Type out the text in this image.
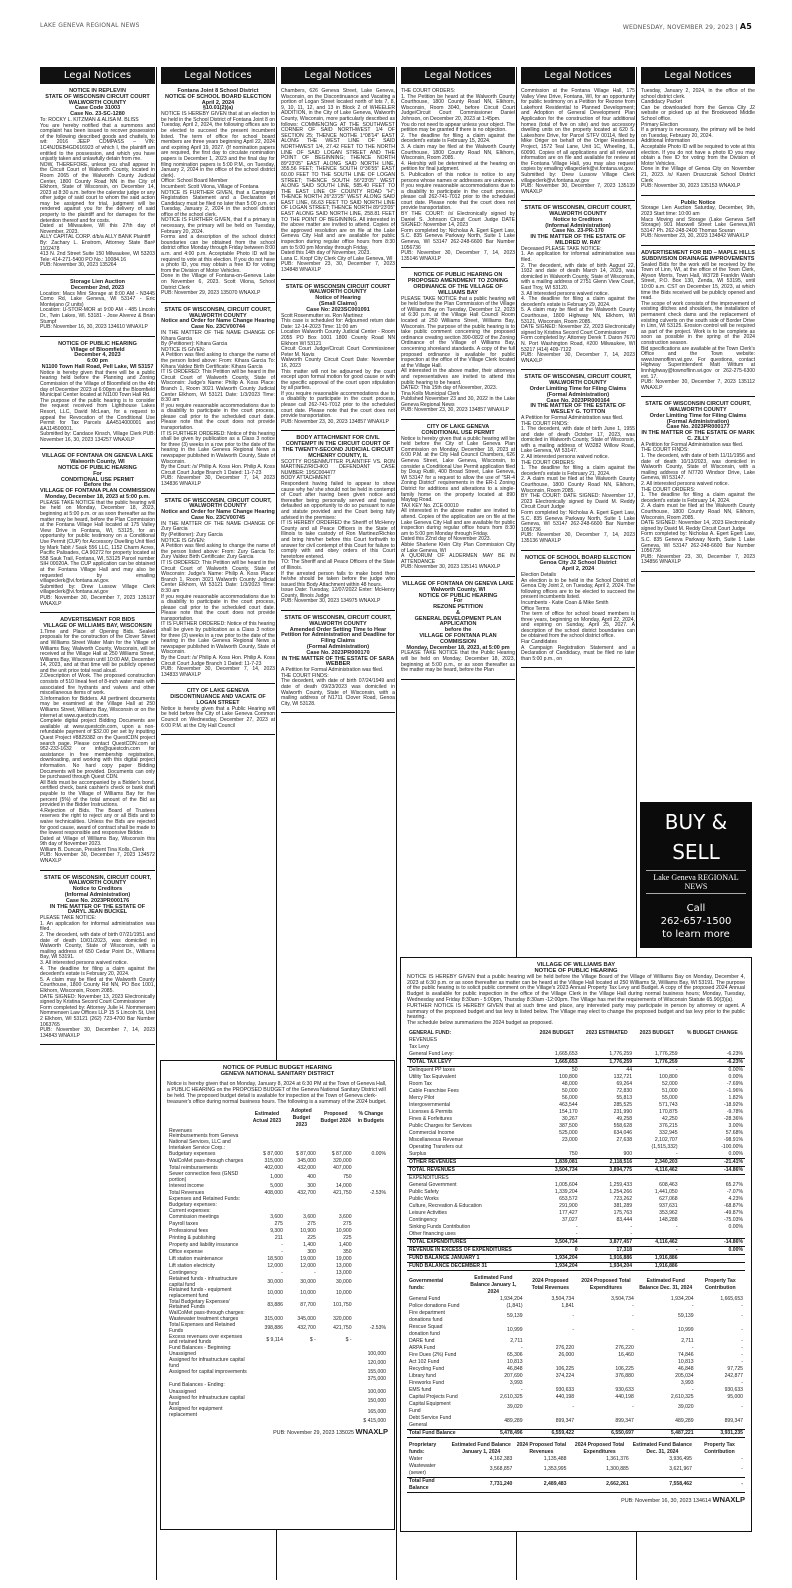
LAKE GENEVA REGIONAL NEWS	WEDNESDAY, NOVEMBER 29, 2023 | A5
Legal Notices
NOTICE IN REPLEVIN
STATE OF WISCONSIN CIRCUIT COURT WALWORTH COUNTY
Case Code 31003
Case No. 23-SC-1280

To: ROCKY L. KITZMAN & ALISA M. BLISS

You are hereby notified that a summons and complaint has been issued to recover possession of the following described goods and chattels, to wit: 2016 JEEP COMPASS – VIN: 1C4NJDEB4GD616923 of which I, the plaintiff am entitled to the possession, and which you have unjustly taken and unlawfully detain from me.

NOW, THEREFORE, unless you shall appear in the Circuit Court of Walworth County, located in Room 2065 of the Walworth County Judicial Center, 1800 County Road NN in the City of Elkhorn, State of Wisconsin, on December 14, 2023 at 8:30 a.m. before the calendar judge or any other judge of said court to whom the said action may be assigned for trial, judgment will be rendered against you for the delivery of said property to the plaintiff and for damages for the detention thereof and for costs.

Dated at Milwaukee, WI this 27th day of November, 2023.

ALLY CAPITAL CORP. d/b/a ALLY BANK Plaintiff

By: Zachary L. Enstrom, Attorney State Bar# 1102478

413 N. 2nd Street Suite 150 Milwaukee, WI 53203 Tele: 414-271-5400 PO No.: 10084.16

PUB: November 30, 2023 135264

Storage Lien Auction
December 2nd, 2023

Location: Macs Mini Storage at 8:00 AM - N3445 Como Rd, Lake Geneva, WI 53147 - Eric Montejano (2 units)

Location: U-STOR-MOR at 9:00 AM - 485 Lincoln Dr., Twin Lakes, WI. 53181 - Jose Alverez & Brian Stumpf

PUB: November 16, 30, 2023 134610 WNAXLP

NOTICE OF PUBLIC HEARING
Village of Bloomfield
December 4, 2023
6:00 pm
N1100 Town Hall Road, Pell Lake, WI 53157

Notice is hereby given that there will be a public hearing held before the Planning and Zoning Commission of the Village of Bloomfield on the 4th day of December 2023 at 6:00pm at the Bloomfield Municipal Center located at N1100 Town Hall Rd.

The purpose of the public hearing is to consider the request received from Lighthouse Lakes Resort, LLC, David McLean, for a request to appeal the Revocation of the Conditional Use Permit for Tax Parcels &A4514000001 and &A114500001.

Submitted by: Candace Kinsch, Village Clerk PUB: November 16, 30, 2023 134257 WNAXLP

VILLAGE OF FONTANA ON GENEVA LAKE
Walworth County, WI
NOTICE OF PUBLIC HEARING
For
CONDITIONAL USE PERMIT
Before the
VILLAGE OF FONTANA PLAN COMMISSION
Monday, December 18, 2023 at 5:00 p.m.

PLEASE TAKE NOTICE that the public hearing will be held on Monday, December 18, 2023, beginning at 5:00 p.m. or as soon thereafter as the matter may be heard, before the Plan Commission at the Fontana Village Hall located at 175 Valley View Drive in Fontana, WI, 53125, for an opportunity for public testimony on a Conditional Use Permit (CUP) for Accessory Dwelling Unit filed by Mark Tabit / Sauk 556 LLC, 1152 Charm Acres, Pacific Palisades, CA 90272 for property located at 558 Sauk Trail, Fontana, WI, 53125 Parcel number SIH 00020A. The CUP application can be obtained at the Fontana Village Hall and may also be requested by emailing villageclerk@vi.fontana.wi.gov.

Submitted by: Drew Lussow Village Clerk villageclerk@vi.fontana.wi.gov

PUB: November 30, December 7, 2023 135137 WNAXLP

ADVERTISEMENT FOR BIDS
VILLAGE OF WILLIAMS BAY, WISCONSIN

1.Time and Place of Opening Bids. Sealed proposals for the construction of the Clover Street and Williams Street Water Main for the Village of Williams Bay, Walworth County, Wisconsin, will be received at the Village Hall at 250 Williams Street, Williams Bay, Wisconsin until 10:00 AM, December 14, 2023, and at that time will be publicly opened and the unit price total read aloud.

2.Description of Work. The proposed construction consists of 510 lineal feet of 8-inch water main with associated fire hydrants and valves and other miscellaneous items of work.

3.Information for Bidders. All pertinent documents may be examined at the Village Hall at 250 Williams Street, Williams Bay, Wisconsin or on the internet at www.questcdn.com.

Complete digital project Bidding Documents are available at www.questcdn.com, upon a non-refundable payment of $32.00 per set by inputting Quest Project #8829382 on the QuestCDN project search page. Please contact QuestCDN.com at 952-233-1632 or info@questcdn.com for assistance in free membership registration, downloading, and working with this digital project information. No hard copy paper Bidding Documents will be provided. Documents can only be purchased through Quest CDN.

All Bids must be accompanied by a Bidder's bond, certified check, bank cashier's check or bank draft payable to the Village of Williams Bay for five percent (5%) of the total amount of the Bid as provided in the Bidder Instructions.

4.Rejection of Bids. The Board of Trustees reserves the right to reject any or all Bids and to waive technicalities. Unless the Bids are rejected for good cause, award of contract shall be made to the lowest responsible and responsive Bidder.

Dated at Village of Williams Bay, Wisconsin this 9th day of November 2023.

William B. Duncan, President Tina Kolls, Clerk

PUB: November 30, December 7, 2023 134572 WNAXLP

STATE OF WISCONSIN, CIRCUIT COURT, WALWORTH COUNTY
Notice to Creditors
(Informal Administration)
Case No. 2023PR000176
IN THE MATTER OF THE ESTATE OF DARYL JEAN BUCKEL

PLEASE TAKE NOTICE:

1. An application for informal administration was filed.

2. The decedent, with date of birth 07/21/1951 and date of death 10/01/2023, was domiciled in Walworth County, State of Wisconsin, with a mailing address of 650 Cedar Point Dr., Williams Bay, WI 53191.

3. All interested persons waived notice.

4. The deadline for filing a claim against the decedent's estate is February 20, 2024.

5. A claim may be filed at the Walworth County Courthouse, 1800 County Rd NN, PO Box 1001, Elkhorn, Wisconsin, Room 2085.

DATE SIGNED: November 13, 2023 Electronically signed by Kristina Secord Court Commissioner

Form completed by: Attorney Julie H. Nommensen Nommensen Law Offices LLP 15 S Lincoln St, Unit 2 Elkhorn, WI 53121 (262) 723-4700 Bar Number 1063765

PUB: November 30, December 7, 14, 2023 134843 WNAXLP

Legal Notices
Fontana Joint 8 School District
NOTICE OF SCHOOL BOARD ELECTION
April 2, 2024
§10.01(2)(a)

NOTICE IS HEREBY GIVEN that at an election to be held in the School District of Fontana Joint 8 on Tuesday, April 2, 2024, the following offices are to be elected to succeed the present incumbent listed. The term of office for school board members are three years beginning April 22, 2024 and expiring April 19, 2027. (If nomination papers are required, the first day to circulate nomination papers is December 1, 2023 and the final day for filing nomination papers is 5:00 P.M., on Tuesday, January 2, 2024 in the office of the school district clerk).

Office: School Board Member

Incumbent: Scott Vilona, Village of Fontana

NOTICE IS FURTHER GIVEN, that a Campaign Registration Statement and a Declaration of Candidacy must be filed no later than 5:00 p.m. on Tuesday, January 2, 2024 in the school district office of the school clerk.

NOTICE IS FURTHER GIVEN, that if a primary is necessary, the primary will be held on Tuesday, February 20, 2024.

Forms and a description of the school district boundaries can be obtained from the school district office Monday through Friday between 8:00 a.m. and 4:00 p.m. Acceptable Photo ID will be required to vote at this election. If you do not have a photo ID, you may obtain a free ID for voting from the Division of Motor Vehicles.

Done in the Village of Fontana-on-Geneva Lake on November 6, 2023. Scott Vilona, School District Clerk

PUB: November 29, 2023 135070 WNAXLP

STATE OF WISCONSIN, CIRCUIT COURT, WALWORTH COUNTY
Notice and Order for Name Change Hearing
Case No. 23CV00744

IN THE MATTER OF THE NAME CHANGE OF Kihara Garcia

By (Petitioner): Kihara Garcia

NOTICE IS GIVEN:

A Petition was filed asking to change the name of the person listed above: From: Kihara Garcia To: Kihara Valdez Birth Certificate: Kihara Garcia

IT IS ORDERED: This Petition will be heard in the Circuit Court of Walworth County, State of Wisconsin: Judge's Name: Philip A. Koss Place: Branch 1, Room 3021 Walworth County Judicial Center Elkhorn, WI 53121 Date: 1/3/2023 Time: 8:30 am

If you require reasonable accommodations due to a disability to participate in the court process, please call prior to the scheduled court date. Please note that the court does not provide transportation.

IT IS FURTHER ORDERED: Notice of this hearing shall be given by publication as a Class 3 notice for three (3) weeks in a row prior to the date of the hearing in the Lake Geneva Regional News a newspaper published in Walworth County, State of Wisconsin.

By the Court: /s/ Philip A. Koss Hon. Philip A. Koss Circuit Court Judge Branch 1 Dated: 11-7-23

PUB: November 30, December 7, 14, 2023 134836 WNAXLP

STATE OF WISCONSIN, CIRCUIT COURT, WALWORTH COUNTY
Notice and Order for Name Change Hearing
Case No. 23CV00745

IN THE MATTER OF THE NAME CHANGE OF Zury Garcia

By (Petitioner): Zury Garcia

NOTICE IS GIVEN:

A Petition was filed asking to change the name of the person listed above: From: Zury Garcia To: Zury Valdez Birth Certificate: Zury Garcia

IT IS ORDERED: This Petition will be heard in the Circuit Court of Walworth County, State of Wisconsin: Judge's Name: Philip A. Koss Place: Branch 1, Room 3021 Walworth County Judicial Center Elkhorn, WI 53121 Date: 1/3/2023 Time: 8:30 am

If you require reasonable accommodations due to a disability to participate in the court process, please call prior to the scheduled court date. Please note that the court does not provide transportation.

IT IS FURTHER ORDERED: Notice of this hearing shall be given by publication as a Class 3 notice for three (3) weeks in a row prior to the date of the hearing in the Lake Geneva Regional News a newspaper published in Walworth County, State of Wisconsin.

By the Court: /s/ Philip A. Koss Hon. Philip A. Koss Circuit Court Judge Branch 1 Dated: 11-7-23

PUB: November 30, December 7, 14, 2023 134833 WNAXLP

CITY OF LAKE GENEVA
DISCONTINUANCE AND VACATE OF LOGAN STREET

Notice is hereby given that a Public Hearing will be held before the City of Lake Geneva Common Council on Wednesday, December 27, 2023 at 6:00 P.M. at the City Hall Council

Legal Notices

Chambers, 626 Geneva Street, Lake Geneva, Wisconsin, on the Discontinuance and Vacating a portion of Logan Street located north of lots 7, 8, 9, 10, 11, 12, and 13 in Block 2 of WHEELER ADDITION, in the City of Lake Geneva, Walworth County, Wisconsin, more particularly described as follows: COMMENCING AT THE SOUTHWEST CORNER OF SAID NORTHWEST 1/4 OF SECTION 25; THENCE NOTHE 1°08'14" EAST ALONG THE WEST LINE OF SAID NORTHWEST 1/4, 27.42 FEET TO THE NORTH LINE OF SAID LOGAN STREET AND THE POINT OF BEGINNING; THENCE NORTH 89°23'05" EAST ALONG SAID NORTH LINE, 355.56 FEET; THENCE SOUTH 0°36'55" EAST 60.00 FEET TO THE SOUTH LINE OF LOGAN STREET; THENCE SOUTH 56°23'05" WEST ALONG SAID SOUTH LINE, 585.40 FEET TO THE EAST LINE OF COUNTY ROAD "H"; THENCE NORTH 26°23'25" WEST ALONG SAID EAST LINE, 66.63 FEET TO SAID NORTH LINE OF LOGAN STREET; THENCE NORTH 89°23'05" EAST ALONG SAID NORTH LINE, 258.81 FEET TO THE POINT OF BEGINNING. All interested in the above matter are invited to attend. Copies of the approved resolution are on file at the Lake Geneva City Hall and are available for public inspection during regular office hours from 8:30 am to 5:00 pm Monday through Friday.

Dated this 14th day of November, 2023.

Lana C. Kropf City Clerk City of Lake Geneva, WI

PUB: November 23, 30, December 7, 2023 134848 WNAXLP

STATE OF WISCONSIN CIRCUIT COURT WALWORTH COUNTY
Notice of Hearing
(Small Claims)
Case No: 2023SC001091

Scott Rosenmutter vs. Ron Martinez

This case is scheduled for: Adjourned return date Date: 12-14-2023 Time: 11:00 am

Location Walworth County Judicial Center - Room 2055 PO Box 1001 1800 County Road NN Elkhorn WI 53121

Circuit Court Judge/Circuit Court Commissioner Peter M. Navis

Walworth County Circuit Court Date: November 16, 2023

This matter will not be adjourned by the court except upon formal motion for good cause or with the specific approval of the court upon stipulation by all parties.

If you require reasonable accommodations due to a disability to participate in the court process, please call 262-741-7012 prior to the scheduled court date. Please note that the court does not provide transportation.

PUB: November 23, 30, 2023 134857 WNAXLP

BODY ATTACHMENT FOR CIVIL CONTEMPT IN THE CIRCUIT COURT OF THE TWENTY-SECOND JUDICIAL CIRCUIT MCHENRY COUNTY, IL

SCOTTY ROSENMUTTER PLAINTIFF VS. RON MARTINEZ/RICHKO DEFENDANT CASE NUMBER: 19SC004477

BODY ATTACHMENT

Respondent having failed to appear to show cause why he/ she should not be held in contempt of Court after having been given notice and thereafter being personally served and having defaulted an opportunity to do so pursuant to rule and statute provided and the Court being fully advised in the premises:

IT IS HEREBY ORDERED the Sheriff of McHenry County and all Peace Officers in the State of Illinois to take custody of Ron Martinez/Richko and bring him/her before this Court forthwith to answer for civil contempt of this Court for failure to comply with and obey orders of this Court heretofore entered.

TO: The Sheriff and all Peace Officers of the State of Illinois.

If the arrested person fails to make bond then he/she should be taken before the judge who issued this Body Attachment within 48 hours.

Issue Date: Tuesday, 12/07/2022 Enter: McHenry County, Illinois Judge

PUB: November 30, 2023 134975 WNAXLP

STATE OF WISCONSIN, CIRCUIT COURT, WALWORTH COUNTY
Amended Order Setting Time to Hear Petition for Administration and Deadline for Filing Claims
(Formal Administration)
Case No. 2023PR000170
IN THE MATTER OF THE ESTATE OF SARA WEBBER

A Petition for Formal Administration was filed.

THE COURT FINDS:

The decedent, with date of birth 07/24/1949 and date of death 09/23/2023 was domiciled in Walworth County, State of Wisconsin, with a mailing address of N1711 Clover Road, Genoa City, WI 53128.

Legal Notices

THE COURT ORDERS:

1. The Petition be heard at the Walworth County Courthouse, 1800 County Road NN, Elkhorn, Wisconsin, Room 3040, before Circuit Court Judge/Circuit Court Commissioner Daniel Johnson, on December 20, 2023 at 1:45pm.

You do not need to appear unless your object. The petition may be granted if there is no objection.

2. The deadline for filing a claim against the decedent's estate is February 15, 2024.

3. A claim may be filed at the Walworth County Courthouse, 1800 County Road NN, Elkhorn, Wisconsin, Room 2085.

4. Heirship will be determined at the hearing on petition for final judgment.

5. Publication of this notice is notice to any persons whose names or addresses are unknown.

If you require reasonable accommodations due to a disability to participate in the court process, please call 262-741-7012 prior to the scheduled court date. Please note that the court does not provide transportation.

BY THE COURT: /s/ Electronically signed by Daniel S. Johnson Circuit Court Judge DATE SIGNED: November 14, 2023

Form completed by: Nicholas A. Egert Egert Law, S.C. 835 Geneva Parkway North, Suite 1 Lake Geneva, WI 53147 262-248-6600 Bar Number 1056736

PUB: November 30, December 7, 14, 2023 135146 WNAXLP

NOTICE OF PUBLIC HEARING ON PROPOSED AMENDMENT TO ZONING ORDINANCE OF THE VILLAGE OF WILLIAMS BAY

PLEASE TAKE NOTICE that a public hearing will be held before the Plan Commission of the Village of Williams Bay on Tuesday, December 12, 2023 at 6:30 p.m. at the Village Hall Council Room located at 250 Williams Street, Williams Bay, Wisconsin. The purpose of the public hearing is to take public comment concerning the proposed ordinance creating section 390-0822 of the Zoning Ordinance of the Village of Williams Bay, concerning shoreland standards. A copy of the full proposed ordinance is available for public inspection at the office of the Village Clerk located at the Village Hall.

All interested in the above matter, their attorneys and representatives are invited to attend this public hearing to be heard.

DATED: This 15th day of November, 2023.

Tina Kolls Municipal Clerk

Published November 23 and 30, 2022 in the Lake Geneva Regional News

PUB: November 23, 30, 2023 134857 WNAXLP

CITY OF LAKE GENEVA
CONDITIONAL USE PERMIT

Notice is hereby given that a public hearing will be held before the City of Lake Geneva Plan Commission on Monday, December 18, 2023 at 6:00 P.M. at the City Hall Council Chambers, 626 Geneva Street, Lake Geneva, Wisconsin, to consider a Conditional Use Permit application filed by Doug Rutili, 400 Broad Street, Lake Geneva, WI 53147 for a request to allow the use of "SR-4 Zoning District" requirements in the ER-1 Zoning District for additions and alterations to a single-family home on the property located at 890 Maytag Road.

TAX KEY No. ZCE 00010

All interested in the above matter are invited to attend. Copies of the application are on file at the Lake Geneva City Hall and are available for public inspection during regular office hours from 8:30 am to 5:00 pm Monday through Friday.

Dated this 22nd day of November 2023.

Abbie Sharlene Klein City Plan Commission City of Lake Geneva, WI

A QUORUM OF ALDERMEN MAY BE IN ATTENDANCE

PUB: November 30, 2023 135141 WNAXLP

VILLAGE OF FONTANA ON GENEVA LAKE
Walworth County, WI
NOTICE OF PUBLIC HEARING
For
REZONE PETITION
&
GENERAL DEVELOPMENT PLAN APPLICATION
before the
VILLAGE OF FONTANA PLAN COMMISSION
Monday, December 18, 2023, at 5:00 pm

PLEASE TAKE NOTICE that the Public Hearing will be held on Monday, December 18, 2023, beginning at 5:00 p.m., or as soon thereafter as the matter may be heard, before the Plan

Legal Notices

Commission at the Fontana Village Hall, 175 Valley View Drive, Fontana, WI, for an opportunity for public testimony on a Petition for Rezone from Lakefront Residential to Planned Development; and Adoption of General Development Plan Application for the construction of four additional homes (total of five on site) and two accessory dwelling units on the property located at 620 S. Lakeshore Drive, for Parcel STFV 00114, filed by Mike Origer on behalf of the Origer Residence Project, 1572 Teal Lane, Unit 1C, Wheeling, IL, 60090. Copies of all applications and all relevant information are on file and available for review at the Fontana Village Hall, you may also request copies by emailing villageclerk@vi.fontana.wi.gov.

Submitted by: Drew Lussow Village Clerk villageclerk@vi.fontana.wi.gov

PUB: November 30, December 7, 2023 135139 WNAXLP

STATE OF WISCONSIN, CIRCUIT COURT, WALWORTH COUNTY
Notice to Creditors
(Informal Administration)
Case No. 23-PR-170
IN THE MATTER OF THE ESTATE OF MILDRED W. RAY

Deceased PLEASE TAKE NOTICE:

1. An application for informal administration was filed.

2. The decedent, with date of birth August 22, 1932 and date of death March 14, 2023, was domiciled in Walworth County, State of Wisconsin, with a mailing address of 2751 Glenn View Court, East Troy, WI 53120.

3. All interested persons waived notice.

4. The deadline for filing a claim against the decedent's estate is February 29, 2024.

5. A claim may be filed at the Walworth County Courthouse, 1800 Highway NN, Elkhorn, WI 53121, Wisconsin, Room 2085.

DATE SIGNED: November 22, 2023 Electronically signed by Kristina Secord Court Commissioner

Form completed by: Attorney Derek T. Daron 7670 N. Port Washington Road, #200 Milwaukee, WI 53217 (414) 409-7122

PUB: November 30, December 7, 14, 2023 WNAXLP

STATE OF WISCONSIN, CIRCUIT COURT, WALWORTH COUNTY
Order Limiting Time for Filing Claims
(Formal Administration)
Case No. 2023PR000164
IN THE MATTER OF THE ESTATE OF WESLEY G. TOTTON

A Petition for Formal Administration was filed.

THE COURT FINDS:

1. The decedent, with date of birth June 1, 1955 and date of death October 17, 2023, was domiciled in Walworth County, State of Wisconsin, with a mailing address of W3282 Willow Road, Lake Geneva, WI 53147.

2. All interested persons waived notice.

THE COURT ORDERS:

1. The deadline for filing a claim against the decedent's estate is February 21, 2024.

2. A claim must be filed at the Walworth County Courthouse, 1800 County Road NN, Elkhorn, Wisconsin, Room 2085.

BY THE COURT: DATE SIGNED: November 17, 2023 Electronically signed by David M. Reddy Circuit Court Judge

Form completed by: Nicholas A. Egert Egert Law, S.C. 835 Geneva Parkway North, Suite 1 Lake Geneva, WI 53147 262-248-6600 Bar Number 1056736

PUB: November 30, December 7, 14, 2023 135136 WNAXLP

NOTICE OF SCHOOL BOARD ELECTION
Genoa City J2 School District
April 2, 2024

Election Details

An election is to be held in the School District of Genoa City Joint 2, on Tuesday, April 2, 2024. The following offices are to be elected to succeed the present incumbents listed.

Incumbents - Katie Coan & Mike Smith

Office Terms

The term of office for school board members is three years, beginning on Monday, April 22, 2024, and expiring on Sunday, April 25, 2027. A description of the school district boundaries can be obtained from the school district office.

Fiar Candidates

A Campaign Registration Statement and a Declaration of Candidacy, must be filed no later than 5:00 p.m., on

Legal Notices

Tuesday, January 2, 2024, in the office of the school district clerk.

Candidacy Packet

Can be downloaded from the Genoa City J2 website or picked up at the Brookwood Middle School office.

Primary Election

If a primary is necessary, the primary will be held on Tuesday, February 20, 2024.

Additional Information

Acceptable Photo ID will be required to vote at this election. If you do not have a photo ID you may obtain a free ID for voting from the Division of Motor Vehicles.

Done in the Village of Genoa City on November 21, 2023. /s/ Karen Druszczak School District Clerk

PUB: November 30, 2023 135153 WNAXLP

Public Notice

Storage Lien Auction Saturday, December, 9th, 2023 Start time: 10:00 am

Macs Moving and Storage (Lake Geneva Self Storage) 901 Maxwell Street Lake Geneva,WI 53147 Ph. 262-248-2400 Thomas Souran

PUB: November 23, 30, 2023 134842 WNAXLP

ADVERTISEMENT FOR BID – MAPLE HILLS SUBDIVISION DRAINAGE IMPROVEMENTS

Sealed Bids for the work will be received by the Town of Linn, WI, at the office of the Town Clerk, Alyson Morris, Town Hall, W3728 Franklin Walsh Street, P.O. Box 130, Zenda, WI 53195, until 10:00 a.m. CST on December 15, 2023, at which time the Bids received will be publicly opened and read.

The scope of work consists of the improvement of existing ditches and shoulders, the installation of permanent check dams and the replacement of existing culverts on the south side of Border Drive in Linn, WI 53125. Erosion control will be required as part of the project. Work is to be complete as soon as possible in the spring of the 2024 construction season.

Bid specifications are available at the Town Clerk's Office and the Town website: www.townoflinn.wi.gov. For questions, contact Highway Superintendent Matt Wittum at linnhighway@townoflinn.wi.gov or 262-275-6300 ext. 17.

PUB: November 30, December 7, 2023 135112 WNAXLP

STATE OF WISCONSIN CIRCUIT COURT, WALWORTH COUNTY
Order Limiting Time for Filing Claims
(Formal Administration)
Case No. 2023PR000177
IN THE MATTER OF THE ESTATE OF MARK C. ZILLY

A Petition for Formal Administration was filed.

THE COURT FINDS:

1. The decedent, with date of birth 11/11/1956 and date of death 10/13/2023, was domiciled in Walworth County, State of Wisconsin, with a mailing address of N7720 Windsor Drive, Lake Geneva, WI 53147.

2. All interested persons waived notice.

THE COURT ORDERS:

1. The deadline for filing a claim against the decedent's estate is February 14, 2024.

2. A claim must be filed at the Walworth County Courthouse, 1800 County Road NN, Elkhorn, Wisconsin, Room 2085.

DATE SIGNED: November 14, 2023 Electronically signed by David M. Reddy Circuit Court Judge

Form completed by: Nicholas A. Egert Egert Law, S.C. 835 Geneva Parkway North, Suite 1 Lake Geneva, WI 53147 262-248-6600 Bar Number 1056736

PUB: November 23, 30, December 7, 2023 134856 WNAXLP

BUY &
SELL
Lake Geneva REGIONAL NEWS
Call
262-657-1500
to learn more
NOTICE OF PUBLIC BUDGET HEARING
GENEVA NATIONAL SANITARY DISTRICT

Notice is hereby given that on Monday, January 8, 2024 at 6:30 PM at the Town of Geneva Hall, a PUBLIC HEARING on the PROPOSED BUDGET of the Geneva National Sanitary District will be held. The proposed budget detail is available for inspection at the Town of Geneva clerk-treasurer's office during normal business hours. The following is a summary of the 2024 budget.

	Estimated Actual 2023	Adopted Budget 2023	Proposed Budget 2024	% Change in Budgets
Revenues				
Reimbursements from Geneva National Services, LLC and Interlaken Service Corp.:				
Budgetary expenses	$ 87,000	$ 87,000	$ 87,000	0.00%
WalCoMet pass-through charges	315,000	345,000	320,000	
Total reimbursements	402,000	432,000	407,000	
Sewer connection fees (GNSD portion)	1,000	400	750	
Interest income	5,000	300	14,000	
Total Revenues	408,000	432,700	421,750	-2.53%
Expenses and Retained Funds:				
Budgetary expenses:				
Current expenses:				
Commission meetings	3,600	3,600	3,600	
Payroll taxes	275	275	275	
Professional fees	9,300	10,900	10,900	
Printing & publishing	211	225	225	
Property and liability insurance	-	1,400	1,400	
Office expense	-	300	350	
Lift station maintenance	18,500	19,000	19,000	
Lift station electricity	12,000	12,000	13,000	
Contingency	-	-	13,000	
Retained funds - infrastructure capital fund	30,000	30,000	30,000	
Retained funds - equipment replacement fund	10,000	10,000	10,000	
Total Budgetary Expenses/ Retained Funds	83,886	87,700	101,750	
WalCoMet pass-through charges:				
Wastewater treatment charges	315,000	345,000	320,000	
Total Expenses and Retained Funds	398,886	432,700	421,750	-2.53%
Excess revenues over expenses and retained funds	$ 9,114	$ -	$ -	
Fund Balances - Beginning:				
Unassigned				100,000
Assigned for infrastructure capital fund				120,000
Assigned for capital improvements				155,000
				375,000
Fund Balances - Ending:				
Unassigned				100,000
Assigned for infrastructure capital fund				150,000
Assigned for equipment replacement				165,000
				$ 415,000
PUB: November 29, 2023 135025 WNAXLP
VILLAGE OF WILLIAMS BAY
NOTICE OF PUBLIC HEARING

NOTICE IS HEREBY GIVEN that a public hearing will be held before the Village Board of the Village of Williams Bay on Monday, December 4, 2023 at 6:30 p.m. or as soon thereafter as matter can be heard at the Village Hall located at 250 Williams St, Williams Bay, WI 53191. The purpose of the public hearing is to solicit public comment on the Village's 2023 Annual Property Tax Levy and Budget. A copy of the proposed 2024 Annual Budget is available for public inspection in the office of the Village Clerk in the Village Hall during normal business hours; Monday, Tuesday, Wednesday and Friday 8:30am - 5:00pm, Thursday 8:30am -12:00pm. The Village has met the requirements of Wisconsin Statute 65.90(3)(a).

FURTHER NOTICE IS HEREBY GIVEN that at such time and place, any interested party may participate in person by attorney or agent. A summary of the proposed budget and tax levy is listed below. The Village may elect to change the proposed budget and tax levy prior to the public hearing.

The schedule below summarizes the 2024 budget as proposed.

GENERAL FUND:	2024 BUDGET	2023 ESTIMATED	2023 BUDGET	% BUDGET CHANGE
REVENUES				
Tax Levy				
General Fund Levy:	1,665,653	1,776,259	1,776,259	-6.23%
TOTAL TAX LEVY	1,665,653	1,776,259	1,776,259	-6.23%
Delinquent PP taxes	50	44	-	0.00%
Utility Tax Equivalent	100,800	132,721	100,800	0.00%
Room Tax	48,000	69,264	52,000	-7.69%
Cable Franchise Fees	50,000	72,830	51,000	-1.96%
Mercy Pilot	56,000	55,813	55,000	1.82%
Intergovernmental	463,544	285,525	571,743	-18.92%
Licenses & Permits	154,170	231,990	170,875	-9.78%
Fines & Forfeitures	30,267	49,258	42,250	-28.36%
Public Charges for Services	387,500	558,628	376,215	3.00%
Commercial Income	525,000	634,046	332,945	57.68%
Miscellaneous Revenue	23,000	27,638	2,102,707	-98.91%
Operating Transfers out			(1,515,332)	-100.00%
Surplus	750	900	-	0.00%
OTHER REVENUES	1,839,081	2,118,516	2,340,203	-21.41%
TOTAL REVENUES	3,504,734	3,894,775	4,116,462	-14.86%
EXPENDITURES				
General Government	1,005,604	1,259,433	608,463	65.27%
Public Safety	1,339,204	1,254,266	1,441,050	-7.07%
Public Works	653,572	723,262	627,068	4.23%
Culture, Recreation & Education	291,900	381,289	937,631	-68.87%
Leisure Activities	177,427	175,763	353,962	-49.87%
Contingency	37,027	83,444	148,288	-75.03%
Sinking Funds Contribution	-	-	-	0.00%
Other financing uses	-	-		
TOTAL EXPENDITURES	3,504,734	3,877,457	4,116,462	-14.86%
REVENUE IN EXCESS OF EXPENDITURES	0	17,318	-	0.00%
FUND BALANCE JANUARY 1	1,934,204	1,916,886	1,916,886	
FUND BALANCE DECEMBER 31	1,934,204	1,934,204	1,916,886	
Governmental funds:	Estimated Fund Balance January 1, 2024	2024 Proposed Total Revenues	2024 Proposed Total Expenditures	Estimated Fund Balance Dec. 31, 2024	Property Tax Contribution
General Fund	1,934,204	3,504,734	3,504,734	1,934,204	1,665,653
Police donations Fund	(1,841)	1,841	-	-	-
Fire department donations fund	59,139	-	-	59,139	-
Rescue Squad donation fund	10,999	-	-	10,999	-
DARE fund	2,711			2,711	-
ARPA Fund	-	276,220	276,220	-	-
Fire Dues (2%) Fund	65,306	26,000	16,460	74,846	-
Act 102 Fund	10,813			10,813	-
Recycling Fund	46,848	106,225	106,225	46,848	97,725
Library fund	207,690	374,224	376,880	205,034	242,877
Fireworks Fund	3,993			3,993	-
EMS fund	-	930,633	930,633	-	930,633
Capital Projects Fund	2,610,325	440,198	440,198	2,610,325	95,000
Capital Equipment Fund	39,020	-	-	39,020	-
Debt Service Fund General	489,289	899,347	899,347	489,289	899,347
Total Fund Balance	5,478,496	6,559,422	6,550,697	5,487,221	3,931,235
Proprietary funds:	Estimated Fund Balance January 1, 2024	2024 Proposed Total Revenues	2024 Proposed Total Expenditures	Estimated Fund Balance Dec. 31, 2024	Property Tax Contribution
Water	4,162,383	1,135,488	1,361,376	3,936,495	-
Wastewater (sewer)	3,568,857	1,353,995	1,300,885	3,621,967	-
Total Fund Balance	7,731,240	2,489,483	2,662,261	7,558,462	-
PUB: November 16, 30, 2023 134614 WNAXLP
